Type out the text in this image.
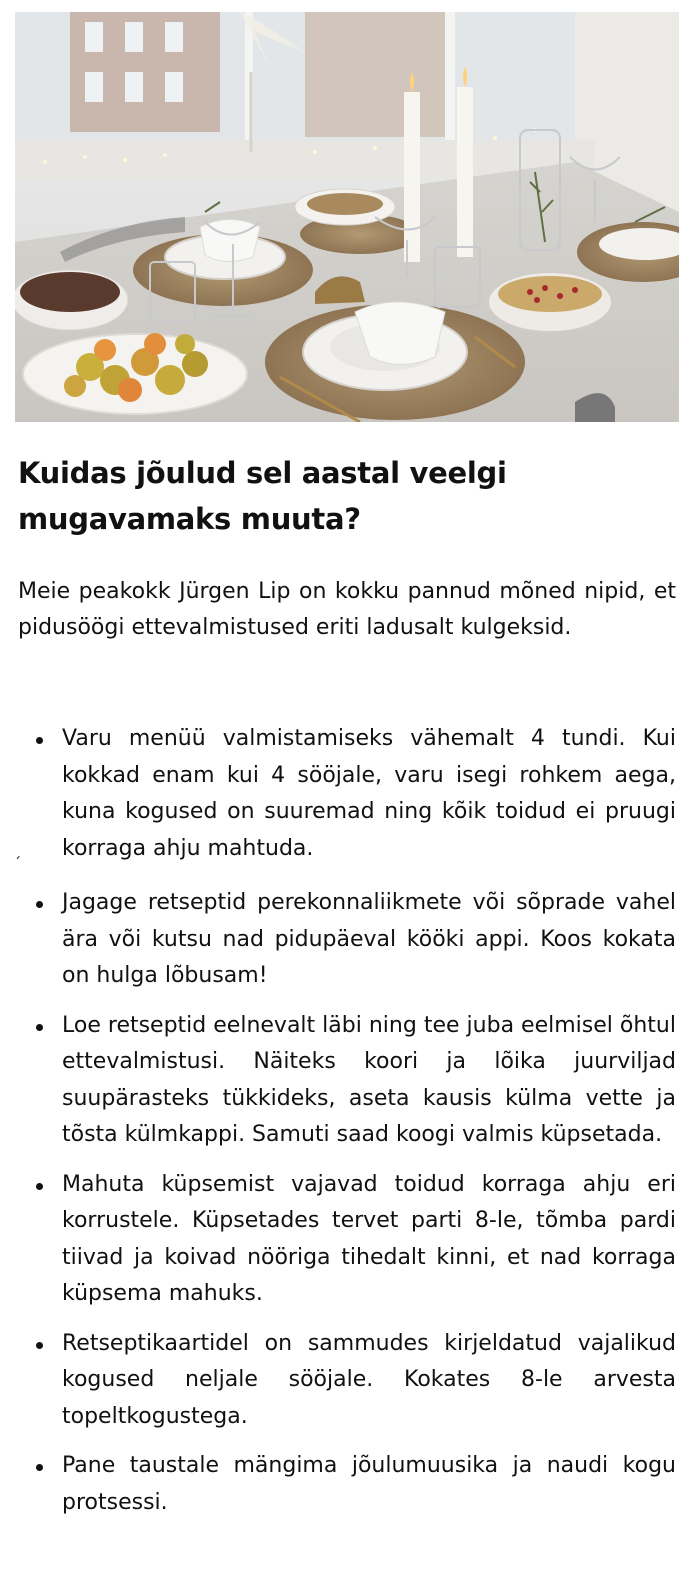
Kuidas jõulud sel aastal veelgi
mugavamaks muuta?

Meie peakokk Jürgen Lip on kokku pannud mõned nipid, et pidusöögi ettevalmistused eriti ladusalt kulgeksid.

Varu menüü valmistamiseks vähemalt 4 tundi. Kui kokkad enam kui 4 sööjale, varu isegi rohkem aega, kuna kogused on suuremad ning kõik toidud ei pruugi korraga ahju mahtuda.
Jagage retseptid perekonnaliikmete või sõprade vahel ära või kutsu nad pidupäeval kööki appi. Koos kokata on hulga lõbusam!
Loe retseptid eelnevalt läbi ning tee juba eelmisel õhtul ettevalmistusi. Näiteks koori ja lõika juurviljad suupärasteks tükkideks, aseta kausis külma vette ja tõsta külmkappi. Samuti saad koogi valmis küpsetada.
Mahuta küpsemist vajavad toidud korraga ahju eri korrustele. Küpsetades tervet parti 8-le, tõmba pardi tiivad ja koivad nööriga tihedalt kinni, et nad korraga küpsema mahuks.
Retseptikaartidel on sammudes kirjeldatud vajalikud kogused neljale sööjale. Kokates 8-le arvesta topeltkogustega.
Pane taustale mängima jõulumuusika ja naudi kogu protsessi.
´
